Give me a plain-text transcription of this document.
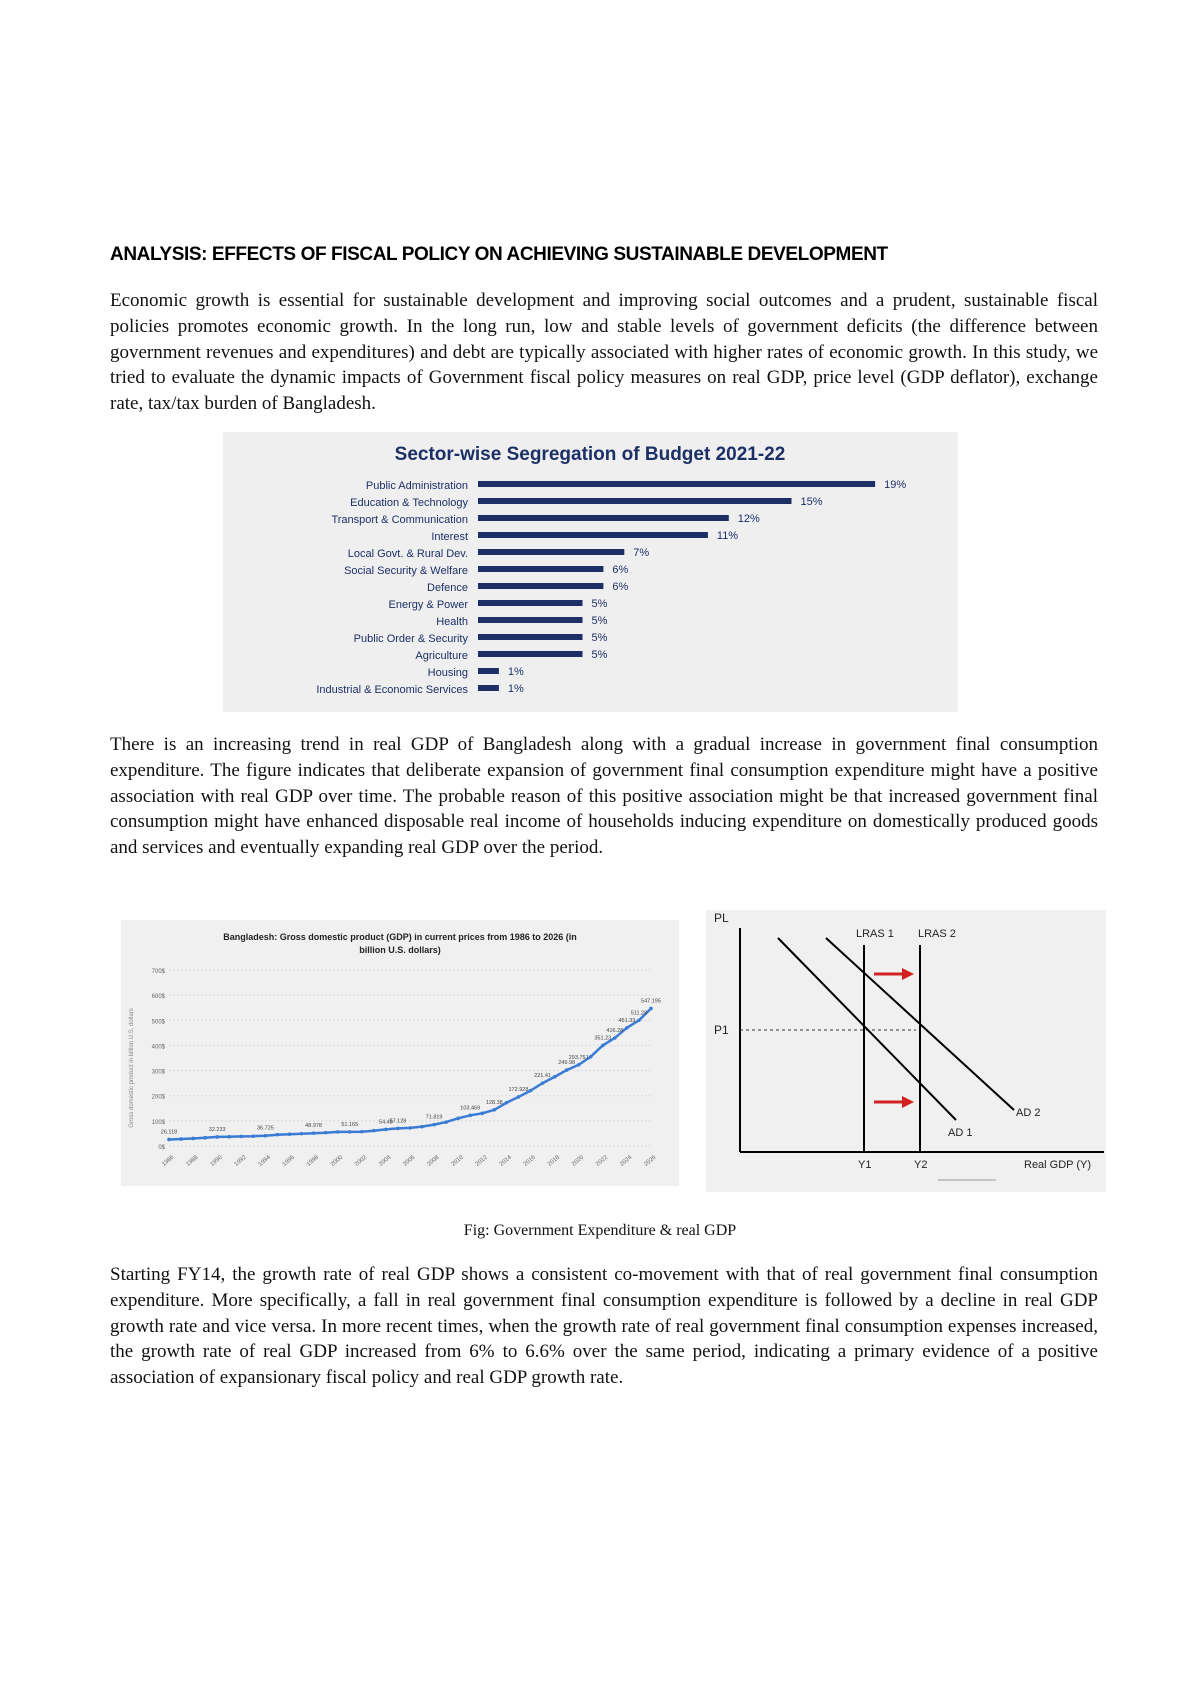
ANALYSIS: EFFECTS OF FISCAL POLICY ON ACHIEVING SUSTAINABLE DEVELOPMENT

Economic growth is essential for sustainable development and improving social outcomes and a prudent, sustainable fiscal policies promotes economic growth. In the long run, low and stable levels of government deficits (the difference between government revenues and expenditures) and debt are typically associated with higher rates of economic growth. In this study, we tried to evaluate the dynamic impacts of Government fiscal policy measures on real GDP, price level (GDP deflator), exchange rate, tax/tax burden of Bangladesh.

Sector-wise Segregation of Budget 2021-22
Public Administration	19%
Education & Technology	15%
Transport & Communication	12%
Interest	11%
Local Govt. & Rural Dev.	7%
Social Security & Welfare	6%
Defence	6%
Energy & Power	5%
Health	5%
Public Order & Security	5%
Agriculture	5%
Housing	1%
Industrial & Economic Services	1%

There is an increasing trend in real GDP of Bangladesh along with a gradual increase in government final consumption expenditure. The figure indicates that deliberate expansion of government final consumption expenditure might have a positive association with real GDP over time. The probable reason of this positive association might be that increased government final consumption might have enhanced disposable real income of households inducing expenditure on domestically produced goods and services and eventually expanding real GDP over the period.

Bangladesh: Gross domestic product (GDP) in current prices from 1986 to 2026 (in
billion U.S. dollars)
Gross domestic product in billion U.S. dollars
0$
100$
200$
300$
400$
500$
600$
700$
1986 1988 1990 1992 1994 1996 1998 2000 2002 2004 2006 2008 2010 2012 2014 2016 2018 2020 2022 2024 2026
26.118	32.233	36.725	48.978	51.165	54.48
57.128
71.819
103.469
128.38
172.928
221.41
249.98
293.751
351.23
416.28
451.33
511.28
547.195
PL
P1
LRAS 1 LRAS 2
AD 1
AD 2
Y1	Y2	Real GDP (Y)

Fig: Government Expenditure & real GDP

Starting FY14, the growth rate of real GDP shows a consistent co-movement with that of real government final consumption expenditure. More specifically, a fall in real government final consumption expenditure is followed by a decline in real GDP growth rate and vice versa. In more recent times, when the growth rate of real government final consumption expenses increased, the growth rate of real GDP increased from 6% to 6.6% over the same period, indicating a primary evidence of a positive association of expansionary fiscal policy and real GDP growth rate.
